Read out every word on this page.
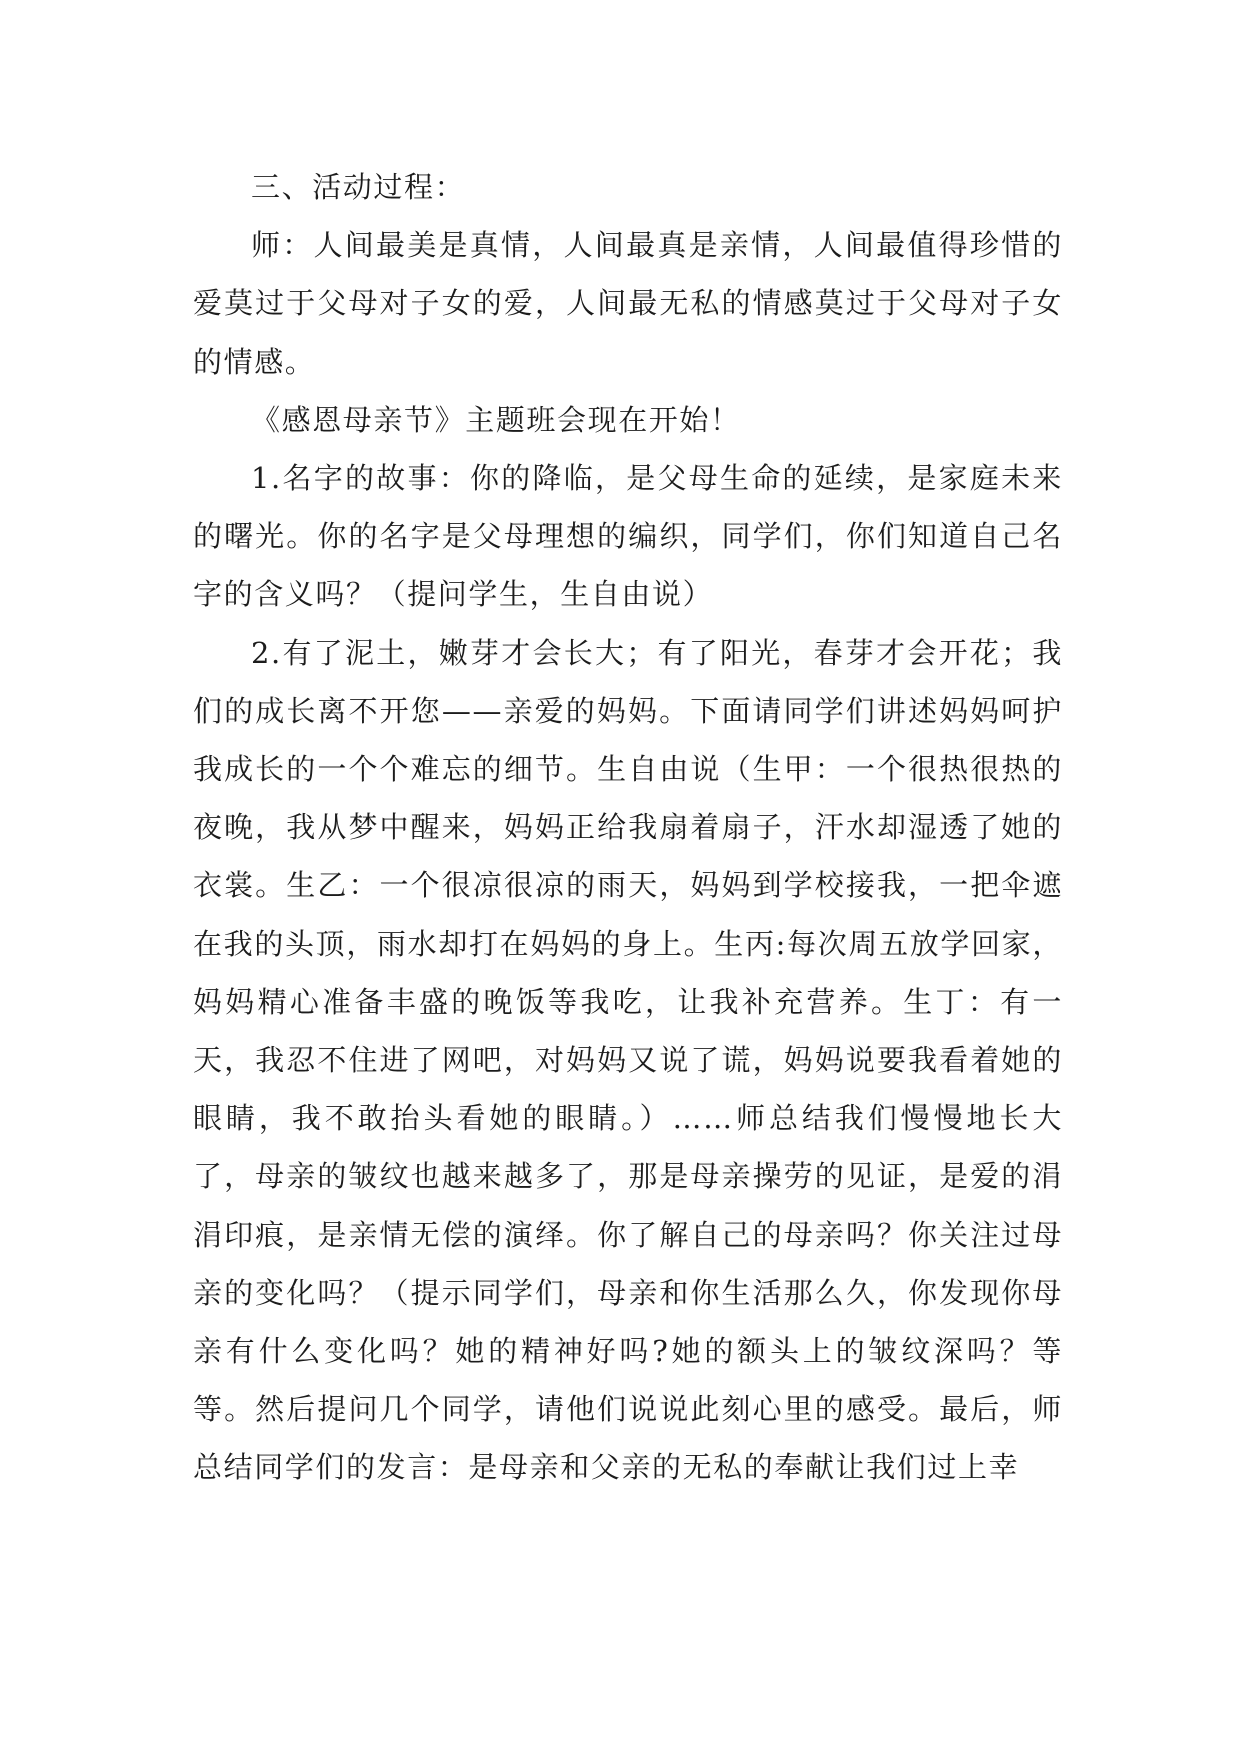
三、活动过程：

师：人间最美是真情，人间最真是亲情，人间最值得珍惜的爱莫过于父母对子女的爱，人间最无私的情感莫过于父母对子女的情感。

《感恩母亲节》主题班会现在开始！

1.名字的故事：你的降临，是父母生命的延续，是家庭未来的曙光。你的名字是父母理想的编织，同学们，你们知道自己名字的含义吗？（提问学生，生自由说）

2.有了泥土，嫩芽才会长大；有了阳光，春芽才会开花；我们的成长离不开您——亲爱的妈妈。下面请同学们讲述妈妈呵护我成长的一个个难忘的细节。生自由说（生甲：一个很热很热的夜晚，我从梦中醒来，妈妈正给我扇着扇子，汗水却湿透了她的衣裳。生乙：一个很凉很凉的雨天，妈妈到学校接我，一把伞遮在我的头顶，雨水却打在妈妈的身上。生丙:每次周五放学回家，妈妈精心准备丰盛的晚饭等我吃，让我补充营养。生丁：有一天，我忍不住进了网吧，对妈妈又说了谎，妈妈说要我看着她的眼睛，我不敢抬头看她的眼睛。）……师总结我们慢慢地长大了，母亲的皱纹也越来越多了，那是母亲操劳的见证，是爱的涓涓印痕，是亲情无偿的演绎。你了解自己的母亲吗？你关注过母亲的变化吗？（提示同学们，母亲和你生活那么久，你发现你母亲有什么变化吗？她的精神好吗?她的额头上的皱纹深吗？等等。然后提问几个同学，请他们说说此刻心里的感受。最后，师总结同学们的发言：是母亲和父亲的无私的奉献让我们过上幸
